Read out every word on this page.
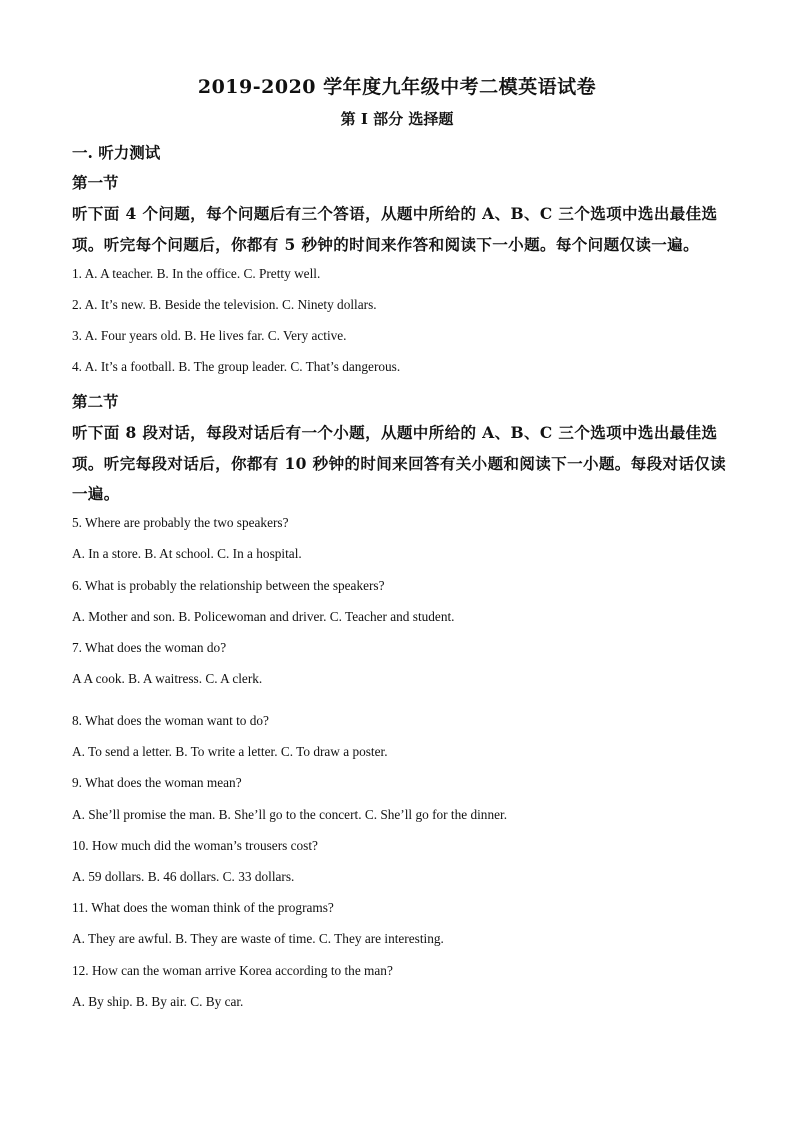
2019-2020 学年度九年级中考二模英语试卷
第 I 部分 选择题
一. 听力测试
第一节
听下面 4 个问题，每个问题后有三个答语，从题中所给的 A、B、C 三个选项中选出最佳选
项。听完每个问题后，你都有 5 秒钟的时间来作答和阅读下一小题。每个问题仅读一遍。
1. A. A teacher. B. In the office. C. Pretty well.
2. A. It’s new. B. Beside the television. C. Ninety dollars.
3. A. Four years old. B. He lives far. C. Very active.
4. A. It’s a football. B. The group leader. C. That’s dangerous.
第二节
听下面 8 段对话，每段对话后有一个小题，从题中所给的 A、B、C 三个选项中选出最佳选
项。听完每段对话后，你都有 10 秒钟的时间来回答有关小题和阅读下一小题。每段对话仅读
一遍。
5. Where are probably the two speakers?
A. In a store. B. At school. C. In a hospital.
6. What is probably the relationship between the speakers?
A. Mother and son. B. Policewoman and driver. C. Teacher and student.
7. What does the woman do?
A A cook. B. A waitress. C. A clerk.
8. What does the woman want to do?
A. To send a letter. B. To write a letter. C. To draw a poster.
9. What does the woman mean?
A. She’ll promise the man. B. She’ll go to the concert. C. She’ll go for the dinner.
10. How much did the woman’s trousers cost?
A. 59 dollars. B. 46 dollars. C. 33 dollars.
11. What does the woman think of the programs?
A. They are awful. B. They are waste of time. C. They are interesting.
12. How can the woman arrive Korea according to the man?
A. By ship. B. By air. C. By car.
